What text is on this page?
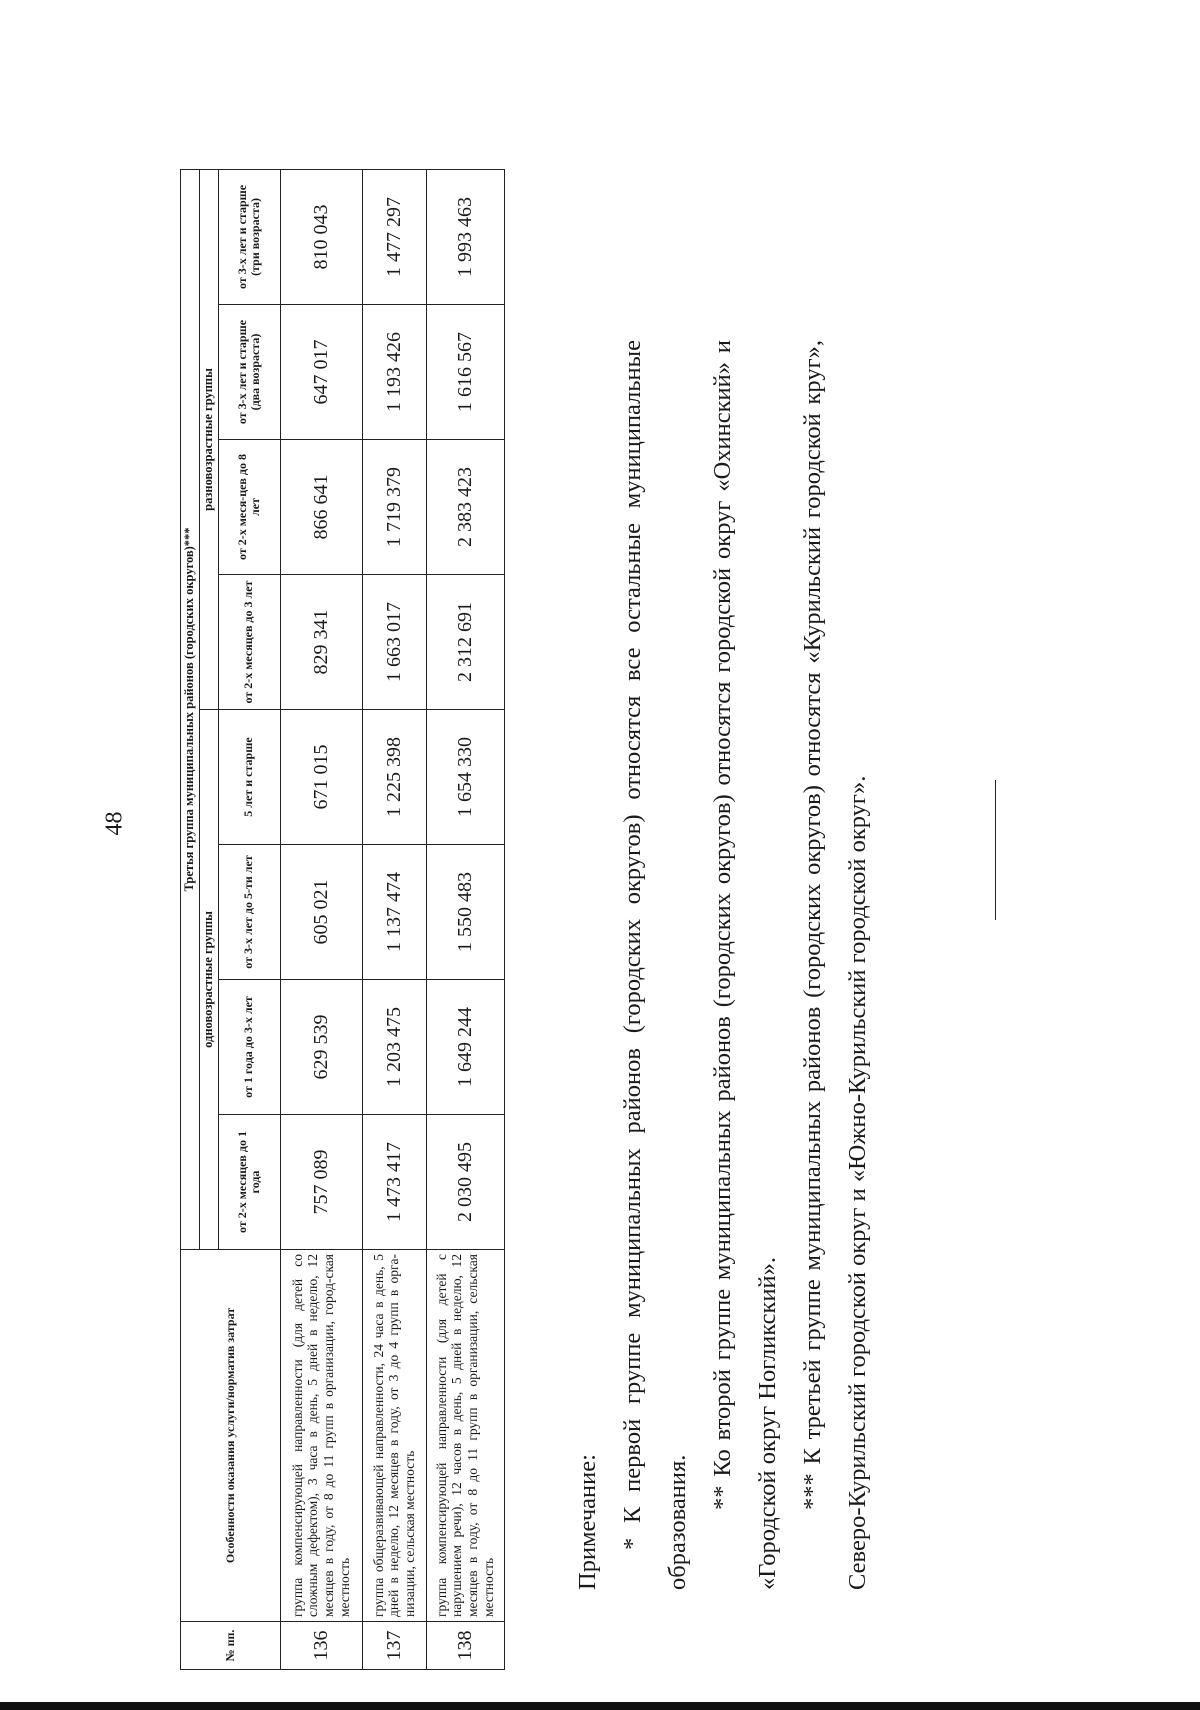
48
№ пп.	Особенности оказания услуги/норматив затрат	Третья группа муниципальных районов (городских округов)***							
		одновозрастные группы				разновозрастные группы			
		от 2-х месяцев до 1 года	от 1 года до 3-х лет	от 3-х лет до 5-ти лет	5 лет и старше	от 2-х месяцев до 3 лет	от 2-х меся-цев до 8 лет	от 3-х лет и старше (два возраста)	от 3-х лет и старше (три возраста)
136	группа компенсирующей направленности (для детей со сложным дефектом), 3 часа в день, 5 дней в неделю, 12 месяцев в году, от 8 до 11 групп в организации, город-ская местность	757 089	629 539	605 021	671 015	829 341	866 641	647 017	810 043
137	группа общеразвивающей направленности, 24 часа в день, 5 дней в неделю, 12 месяцев в году, от 3 до 4 групп в орга-низации, сельская местность	1 473 417	1 203 475	1 137 474	1 225 398	1 663 017	1 719 379	1 193 426	1 477 297
138	группа компенсирующей направленности (для детей с нарушением речи), 12 часов в день, 5 дней в неделю, 12 месяцев в году, от 8 до 11 групп в организации, сельская местность	2 030 495	1 649 244	1 550 483	1 654 330	2 312 691	2 383 423	1 616 567	1 993 463

Примечание: * К первой группе муниципальных районов (городских округов) относятся все остальные муниципальные образования.

** Ко второй группе муниципальных районов (городских округов) относятся городской округ «Охинский» и «Городской округ Ногликский». *** К третьей группе муниципальных районов (городских округов) относятся «Курильский городской круг», Северо-Курильский городской округ и «Южно-Курильский городской округ».
